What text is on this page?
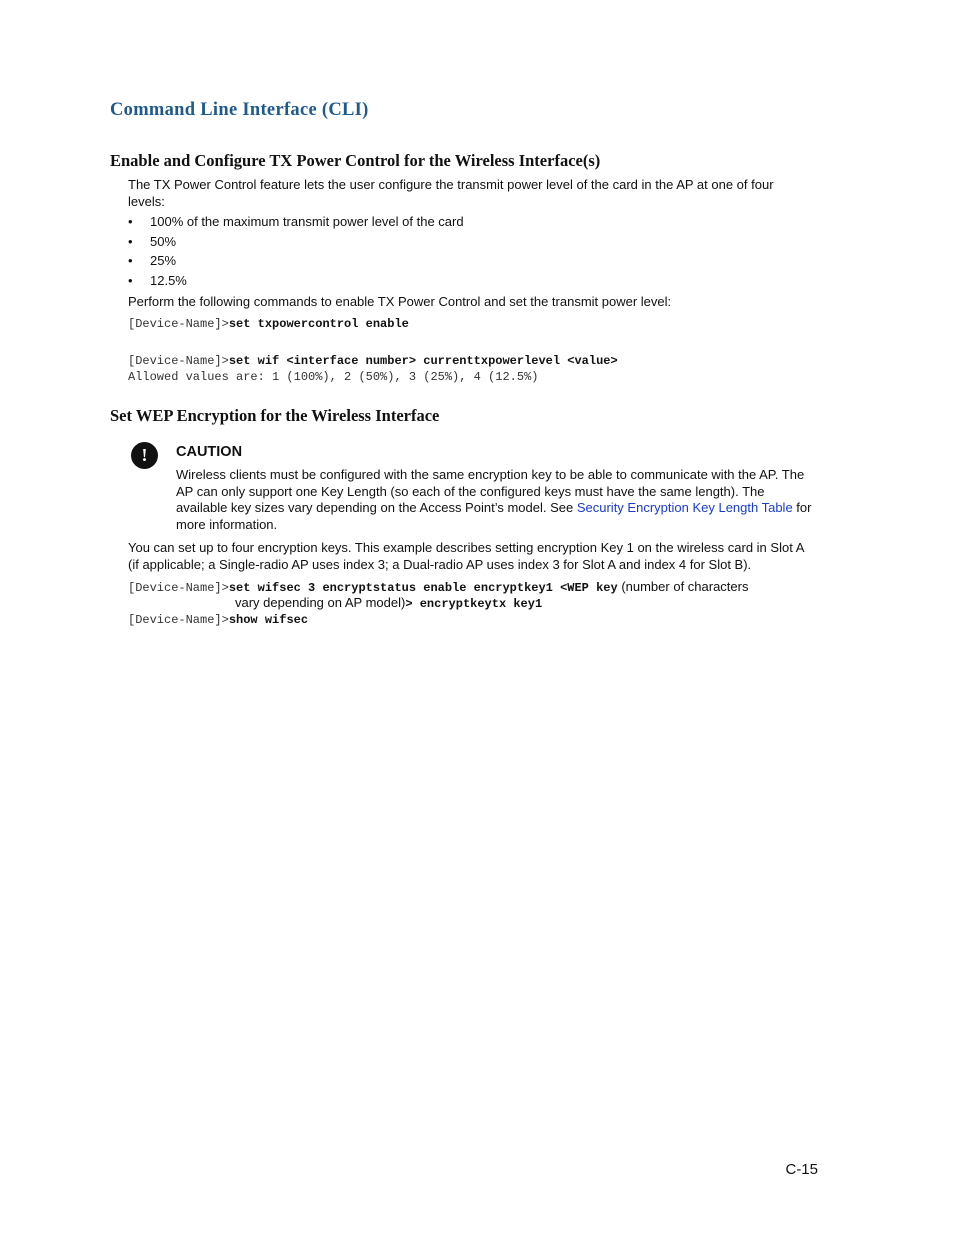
Command Line Interface (CLI)
Enable and Configure TX Power Control for the Wireless Interface(s)

The TX Power Control feature lets the user configure the transmit power level of the card in the AP at one of four levels:

• 100% of the maximum transmit power level of the card
• 50%
• 25%
• 12.5%

Perform the following commands to enable TX Power Control and set the transmit power level:

[Device-Name]>set txpowercontrol enable
[Device-Name]>set wif <interface number> currenttxpowerlevel <value>
Allowed values are: 1 (100%), 2 (50%), 3 (25%), 4 (12.5%)
Set WEP Encryption for the Wireless Interface
!	CAUTION

Wireless clients must be configured with the same encryption key to be able to communicate with the AP. The AP can only support one Key Length (so each of the configured keys must have the same length). The available key sizes vary depending on the Access Point’s model. See Security Encryption Key Length Table for more information.

You can set up to four encryption keys. This example describes setting encryption Key 1 on the wireless card in Slot A (if applicable; a Single-radio AP uses index 3; a Dual-radio AP uses index 3 for Slot A and index 4 for Slot B).

[Device-Name]>set wifsec 3 encryptstatus enable encryptkey1 <WEP key (number of characters
vary depending on AP model)> encryptkeytx key1
[Device-Name]>show wifsec
C-15
